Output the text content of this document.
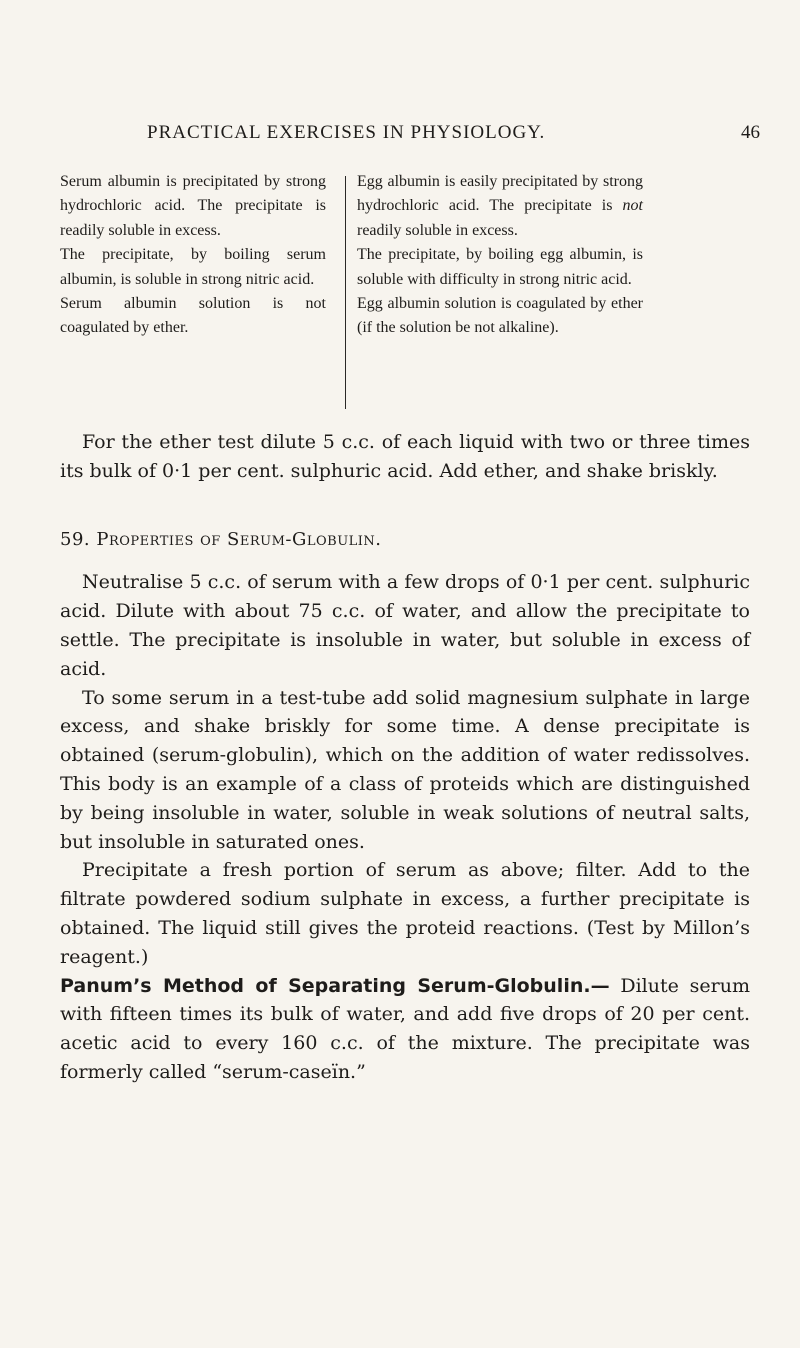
PRACTICAL EXERCISES IN PHYSIOLOGY.	46

Serum albumin is precipitated by strong hydrochloric acid. The precipitate is readily soluble in excess.

The precipitate, by boiling serum albumin, is soluble in strong nitric acid.

Serum albumin solution is not coagulated by ether.

Egg albumin is easily precipitated by strong hydrochloric acid. The precipitate is not readily soluble in excess.

The precipitate, by boiling egg albumin, is soluble with difficulty in strong nitric acid.

Egg albumin solution is coagulated by ether (if the solution be not alkaline).

For the ether test dilute 5 c.c. of each liquid with two or three times its bulk of 0·1 per cent. sulphuric acid. Add ether, and shake briskly.

59. Properties of Serum-Globulin.

Neutralise 5 c.c. of serum with a few drops of 0·1 per cent. sulphuric acid. Dilute with about 75 c.c. of water, and allow the precipitate to settle. The precipitate is insoluble in water, but soluble in excess of acid.

To some serum in a test-tube add solid magnesium sulphate in large excess, and shake briskly for some time. A dense precipitate is obtained (serum-globulin), which on the addition of water redissolves. This body is an example of a class of proteids which are distinguished by being insoluble in water, soluble in weak solutions of neutral salts, but insoluble in saturated ones.

Precipitate a fresh portion of serum as above; filter. Add to the filtrate powdered sodium sulphate in excess, a further precipitate is obtained. The liquid still gives the proteid reactions. (Test by Millon’s reagent.)

Panum’s Method of Separating Serum-Globulin.— Dilute serum with fifteen times its bulk of water, and add five drops of 20 per cent. acetic acid to every 160 c.c. of the mixture. The precipitate was formerly called “serum-caseïn.”
